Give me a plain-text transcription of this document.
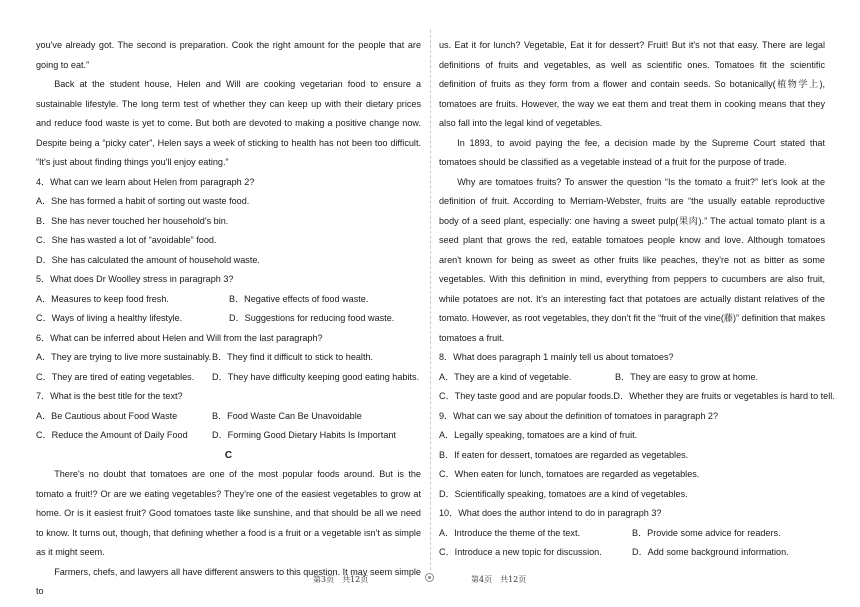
you've already got. The second is preparation. Cook the right amount for the people that are going to eat.”

Back at the student house, Helen and Will are cooking vegetarian food to ensure a sustainable lifestyle. The long term test of whether they can keep up with their dietary prices and reduce food waste is yet to come. But both are devoted to making a positive change now. Despite being a “picky cater”, Helen says a week of sticking to health has not been too difficult. “It's just about finding things you'll enjoy eating.”

4．What can we learn about Helen from paragraph 2?

A．She has formed a habit of sorting out waste food.

B．She has never touched her household's bin.

C．She has wasted a lot of “avoidable” food.

D．She has calculated the amount of household waste.

5．What does Dr Woolley stress in paragraph 3?

A．Measures to keep food fresh.	B．Negative effects of food waste.
C．Ways of living a healthy lifestyle.	D．Suggestions for reducing food waste.

6．What can be inferred about Helen and Will from the last paragraph?

A．They are trying to live more sustainably. B．They find it difficult to stick to health.
C．They are tired of eating vegetables.	D．They have difficulty keeping good eating habits.

7．What is the best title for the text?

A．Be Cautious about Food Waste	B．Food Waste Can Be Unavoidable
C．Reduce the Amount of Daily Food	D．Forming Good Dietary Habits Is Important

C

There's no doubt that tomatoes are one of the most popular foods around. But is the tomato a fruit!? Or are we eating vegetables? They're one of the easiest vegetables to grow at home. Or is it easiest fruit? Good tomatoes taste like sunshine, and that should be all we need to know. It turns out, though, that defining whether a food is a fruit or a vegetable isn't as simple as it might seem.

Farmers, chefs, and lawyers all have different answers to this question. It may seem simple to

us. Eat it for lunch? Vegetable, Eat it for dessert? Fruit! But it's not that easy. There are legal definitions of fruits and vegetables, as well as scientific ones. Tomatoes fit the scientific definition of fruits as they form from a flower and contain seeds. So botanically(植物学上), tomatoes are fruits. However, the way we eat them and treat them in cooking means that they also fall into the legal kind of vegetables.

In 1893, to avoid paying the fee, a decision made by the Supreme Court stated that tomatoes should be classified as a vegetable instead of a fruit for the purpose of trade.

Why are tomatoes fruits? To answer the question “Is the tomato a fruit?” let's look at the definition of fruit. According to Merriam-Webster, fruits are “the usually eatable reproductive body of a seed plant, especially: one having a sweet pulp(果肉).” The actual tomato plant is a seed plant that grows the red, eatable tomatoes people know and love. Although tomatoes aren't known for being as sweet as other fruits like peaches, they're not as bitter as some vegetables. With this definition in mind, everything from peppers to cucumbers are also fruit, while potatoes are not. It's an interesting fact that potatoes are actually distant relatives of the tomato. However, as root vegetables, they don't fit the “fruit of the vine(藤)” definition that makes tomatoes a fruit.

8．What does paragraph 1 mainly tell us about tomatoes?

A．They are a kind of vegetable.	B．They are easy to grow at home.
C．They taste good and are popular foods. D．Whether they are fruits or vegetables is hard to tell.

9．What can we say about the definition of tomatoes in paragraph 2?

A．Legally speaking, tomatoes are a kind of fruit.

B．If eaten for dessert, tomatoes are regarded as vegetables.

C．When eaten for lunch, tomatoes are regarded as vegetables.

D．Scientifically speaking, tomatoes are a kind of vegetables.

10．What does the author intend to do in paragraph 3?

A．Introduce the theme of the text.	B．Provide some advice for readers.
C．Introduce a new topic for discussion.	D．Add some background information.
第3页　共12页	第4页　共12页
